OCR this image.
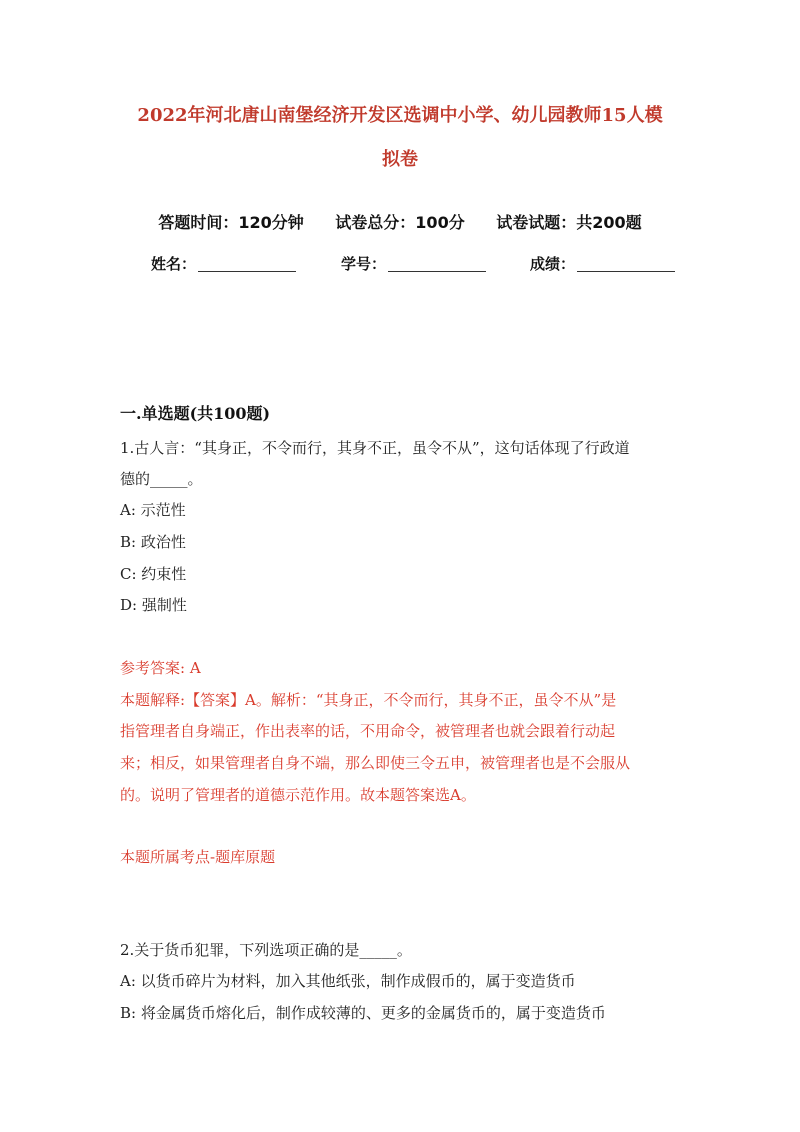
2022年河北唐山南堡经济开发区选调中小学、幼儿园教师15人模
拟卷
答题时间：120分钟 试卷总分：100分 试卷试题：共200题
姓名：	学号：	成绩：
一.单选题(共100题)
1.古人言：“其身正，不令而行，其身不正，虽令不从”，这句话体现了行政道
德的_____。
A: 示范性
B: 政治性
C: 约束性
D: 强制性
参考答案: A
本题解释:【答案】A。解析：“其身正，不令而行，其身不正，虽令不从”是
指管理者自身端正，作出表率的话，不用命令，被管理者也就会跟着行动起
来；相反，如果管理者自身不端，那么即使三令五申，被管理者也是不会服从
的。说明了管理者的道德示范作用。故本题答案选A。
本题所属考点-题库原题
2.关于货币犯罪，下列选项正确的是_____。
A: 以货币碎片为材料，加入其他纸张，制作成假币的，属于变造货币
B: 将金属货币熔化后，制作成较薄的、更多的金属货币的，属于变造货币
